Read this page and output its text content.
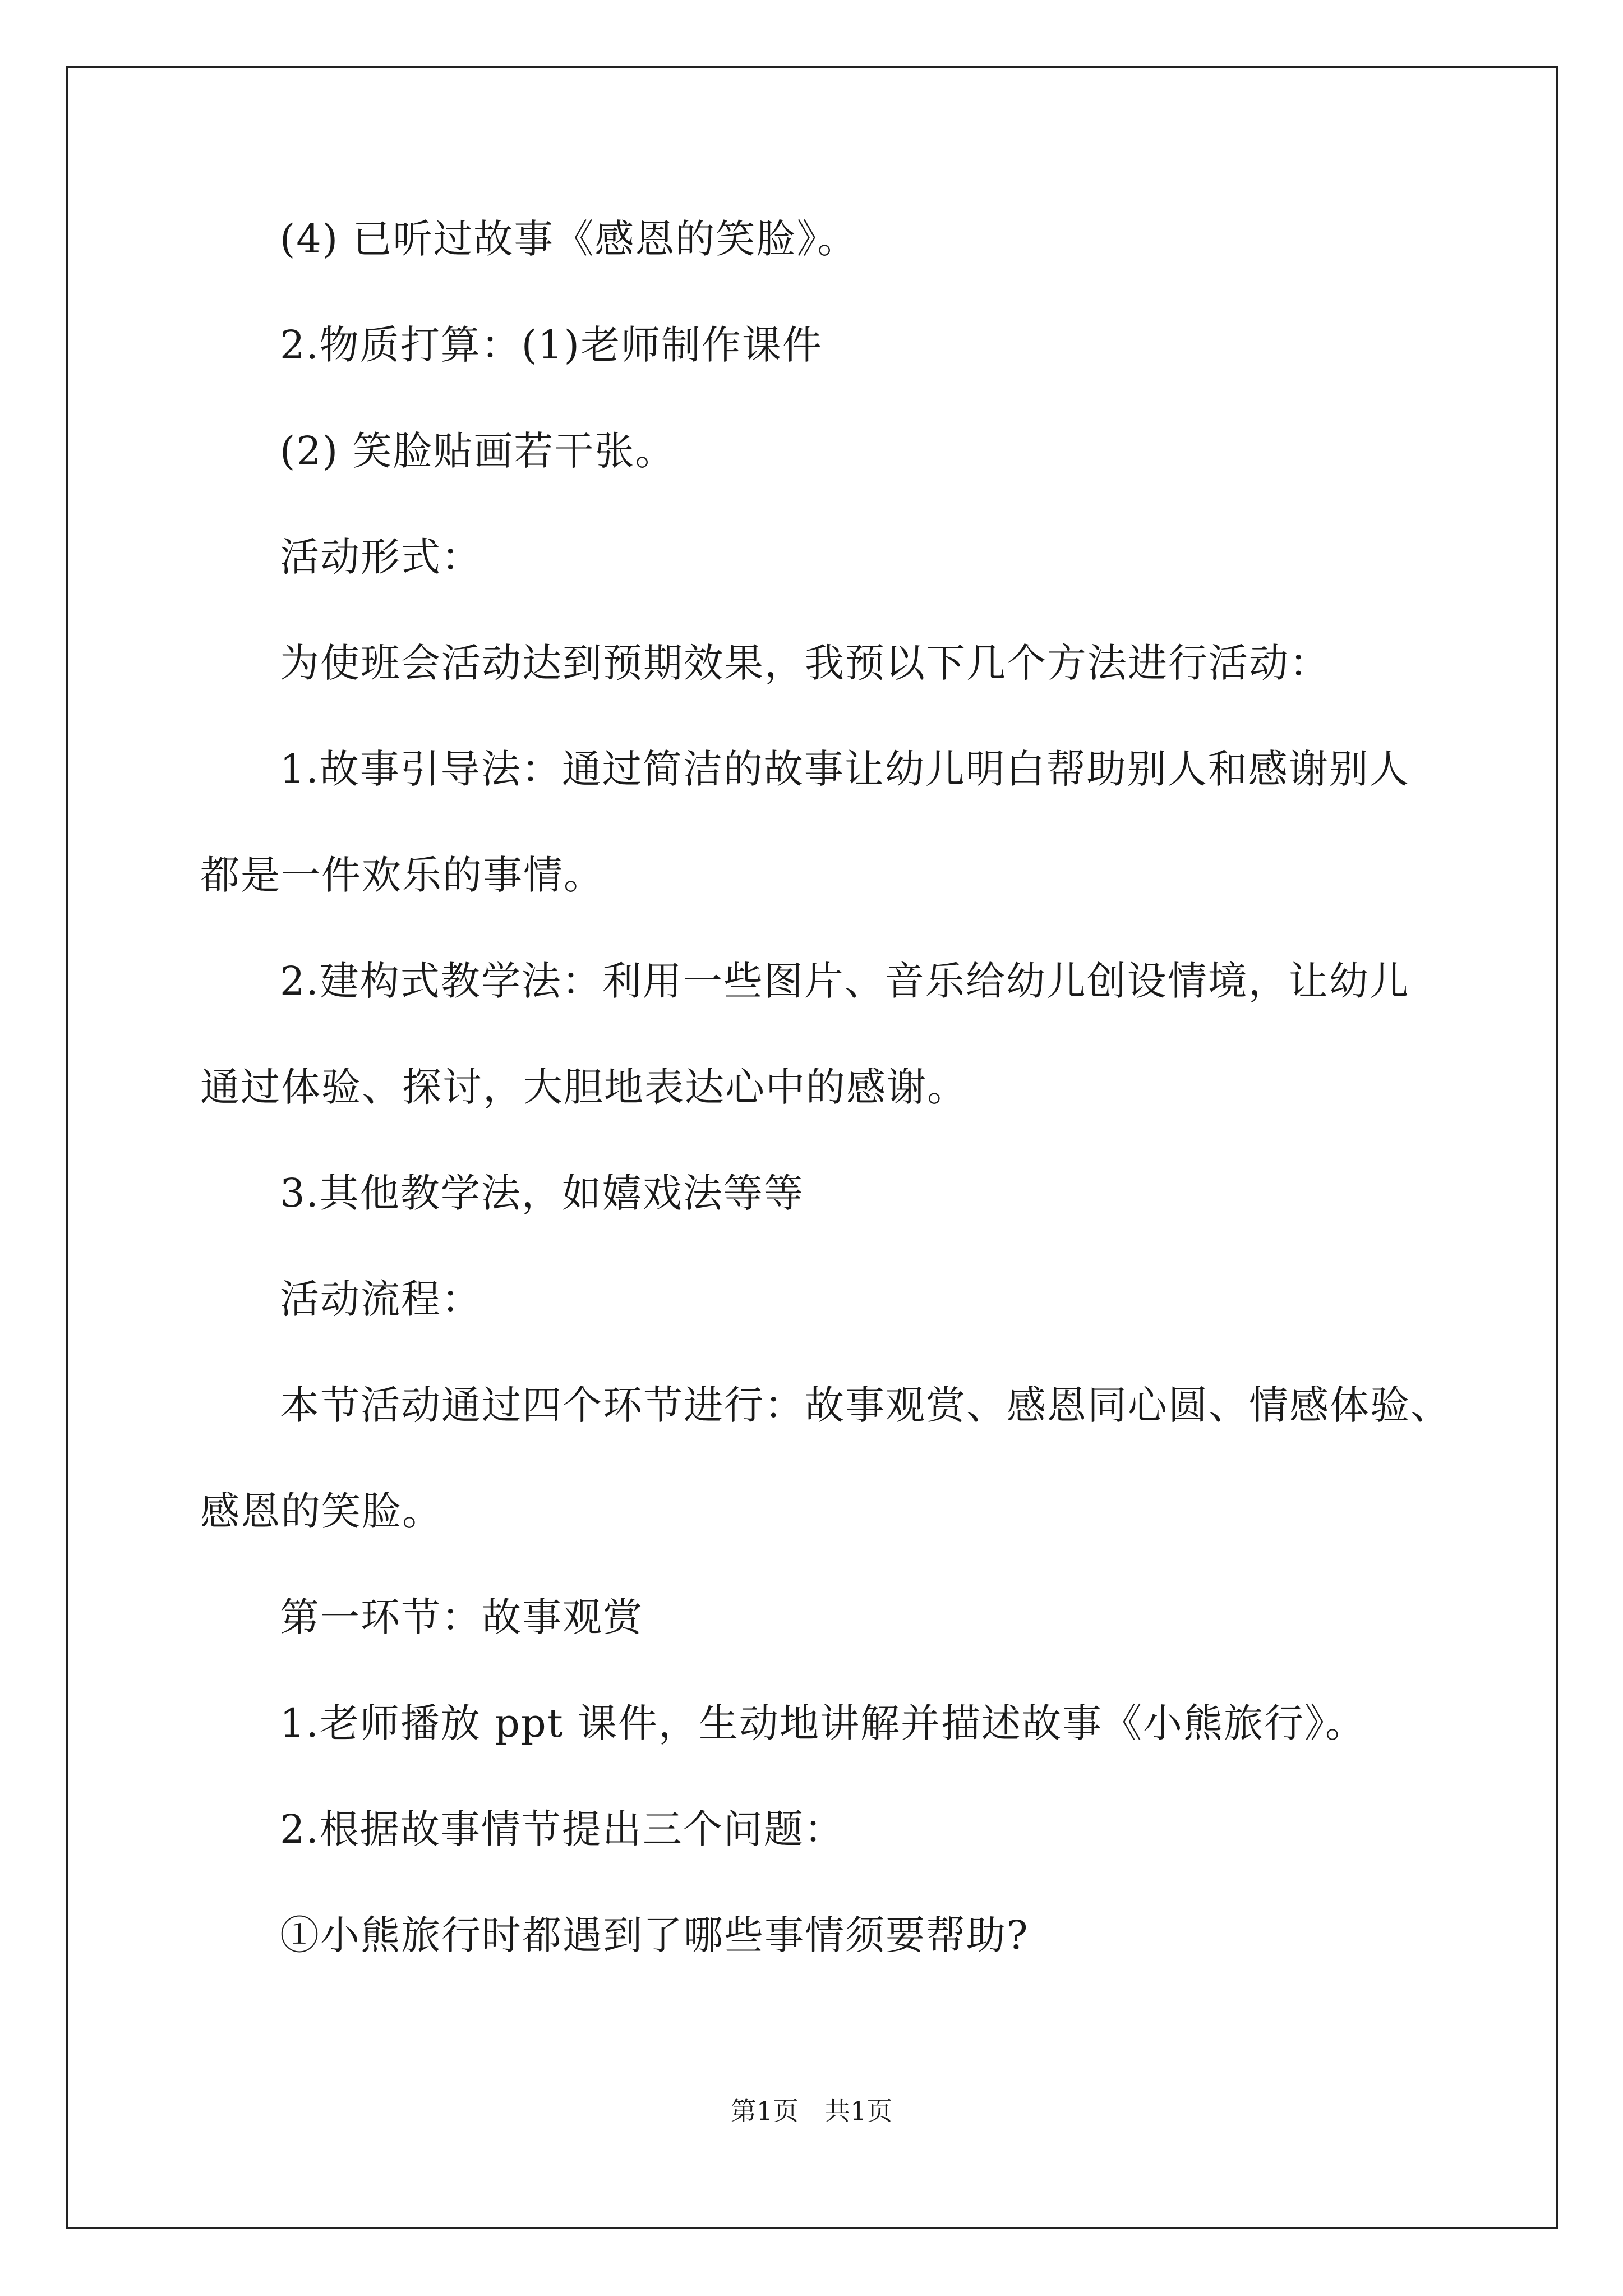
(4) 已听过故事《感恩的笑脸》。

2.物质打算：(1)老师制作课件

(2) 笑脸贴画若干张。

活动形式：

为使班会活动达到预期效果，我预以下几个方法进行活动：

1.故事引导法：通过简洁的故事让幼儿明白帮助别人和感谢别人
都是一件欢乐的事情。

2.建构式教学法：利用一些图片、音乐给幼儿创设情境，让幼儿
通过体验、探讨，大胆地表达心中的感谢。

3.其他教学法，如嬉戏法等等

活动流程：

本节活动通过四个环节进行：故事观赏、感恩同心圆、情感体验、
感恩的笑脸。

第一环节：故事观赏

1.老师播放 ppt 课件，生动地讲解并描述故事《小熊旅行》。

2.根据故事情节提出三个问题：

①小熊旅行时都遇到了哪些事情须要帮助?

第1页　共1页
